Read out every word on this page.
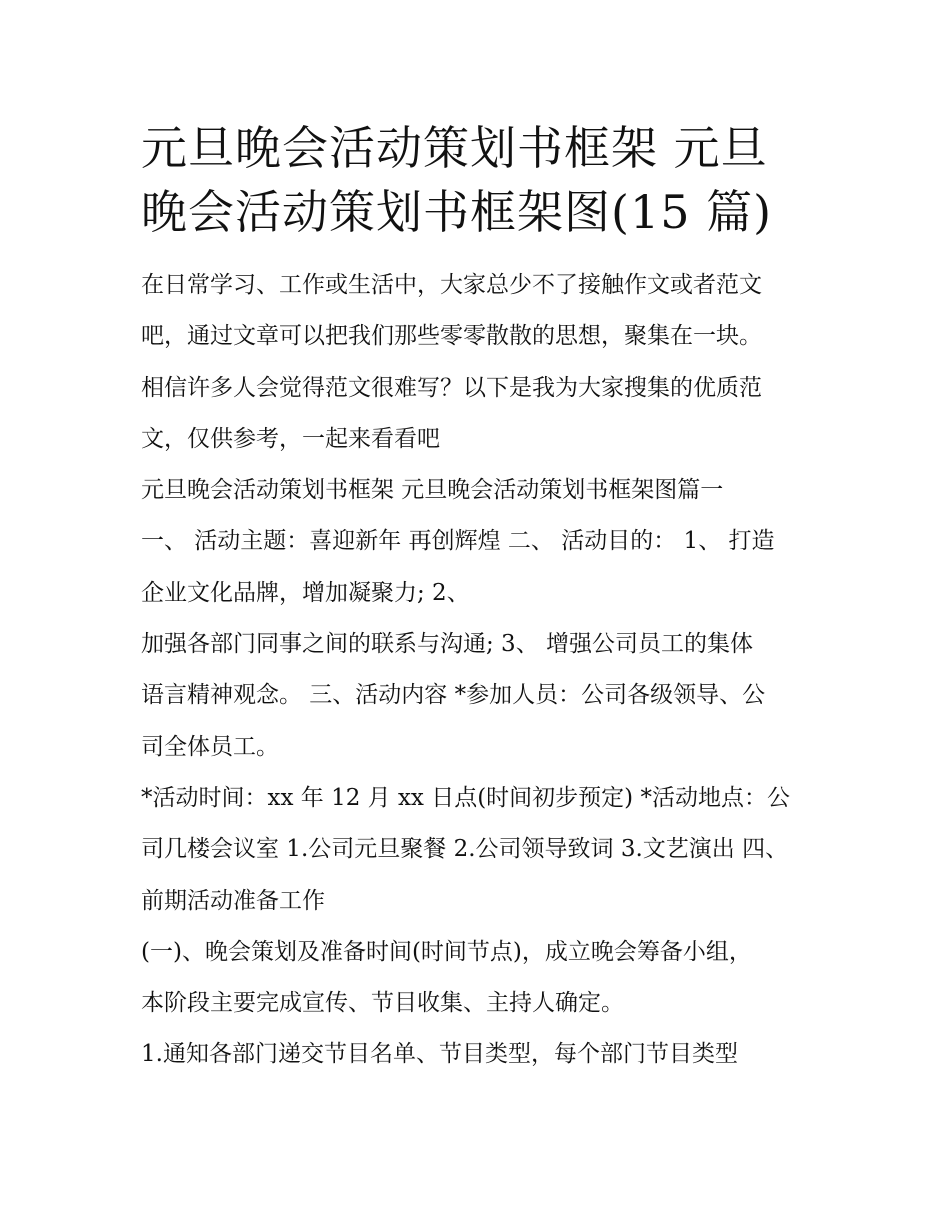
元旦晚会活动策划书框架 元旦
晚会活动策划书框架图(15 篇)
在日常学习、工作或生活中，大家总少不了接触作文或者范文
吧，通过文章可以把我们那些零零散散的思想，聚集在一块。
相信许多人会觉得范文很难写？以下是我为大家搜集的优质范
文，仅供参考，一起来看看吧
元旦晚会活动策划书框架 元旦晚会活动策划书框架图篇一
一、 活动主题：喜迎新年 再创辉煌 二、 活动目的： 1、 打造
企业文化品牌，增加凝聚力; 2、
加强各部门同事之间的联系与沟通; 3、 增强公司员工的集体
语言精神观念。 三、活动内容 *参加人员：公司各级领导、公
司全体员工。
*活动时间：xx 年 12 月 xx 日点(时间初步预定) *活动地点：公
司几楼会议室 1.公司元旦聚餐 2.公司领导致词 3.文艺演出 四、
前期活动准备工作
(一)、晚会策划及准备时间(时间节点)，成立晚会筹备小组，
本阶段主要完成宣传、节目收集、主持人确定。
1.通知各部门递交节目名单、节目类型，每个部门节目类型
